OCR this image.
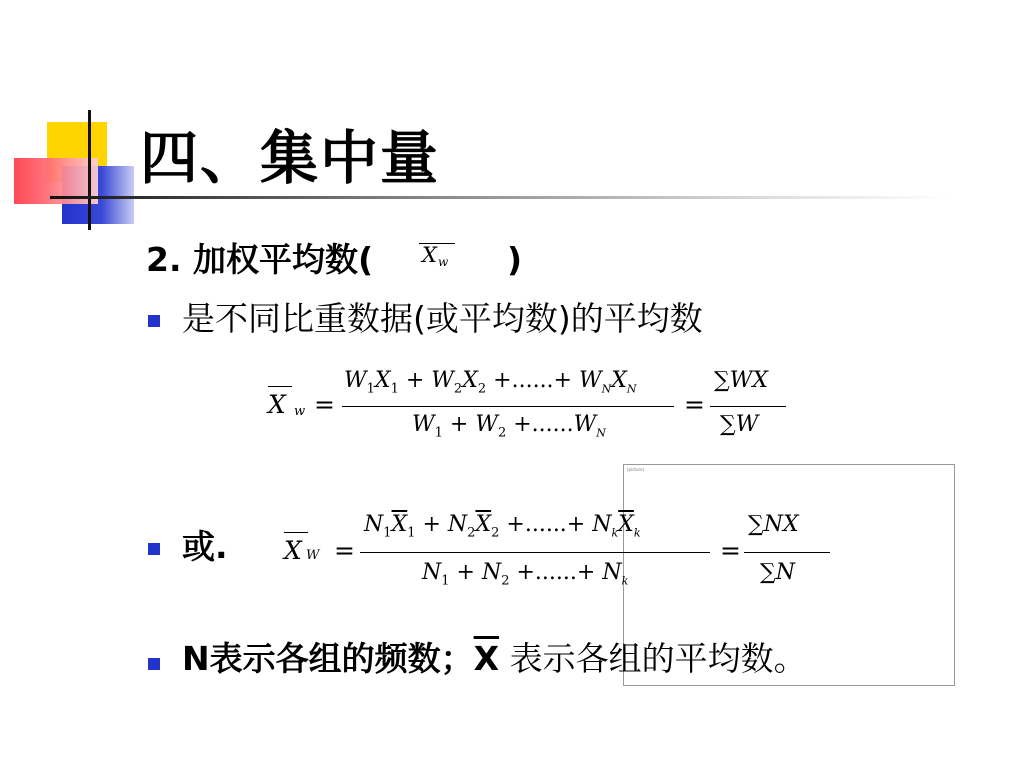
四、集中量
2. 加权平均数( X w )
是不同比重数据(或平均数)的平均数
X w =
$W_1X_1 + W_2X_2$ +......+ $W_NX_N$
$W_1 + W_2 +......W_N$
=
∑WX
∑W
(picture)
或. X W =
$N_1\overline{X}_1 + N_2\overline{X}_2$ +......+ $N_k\overline{X}_k$
$N_1 + N_2$ +......+ $N_k$
=
∑NX
∑N
N表示各组的频数；$\overline{X}$ 表示各组的平均数。
